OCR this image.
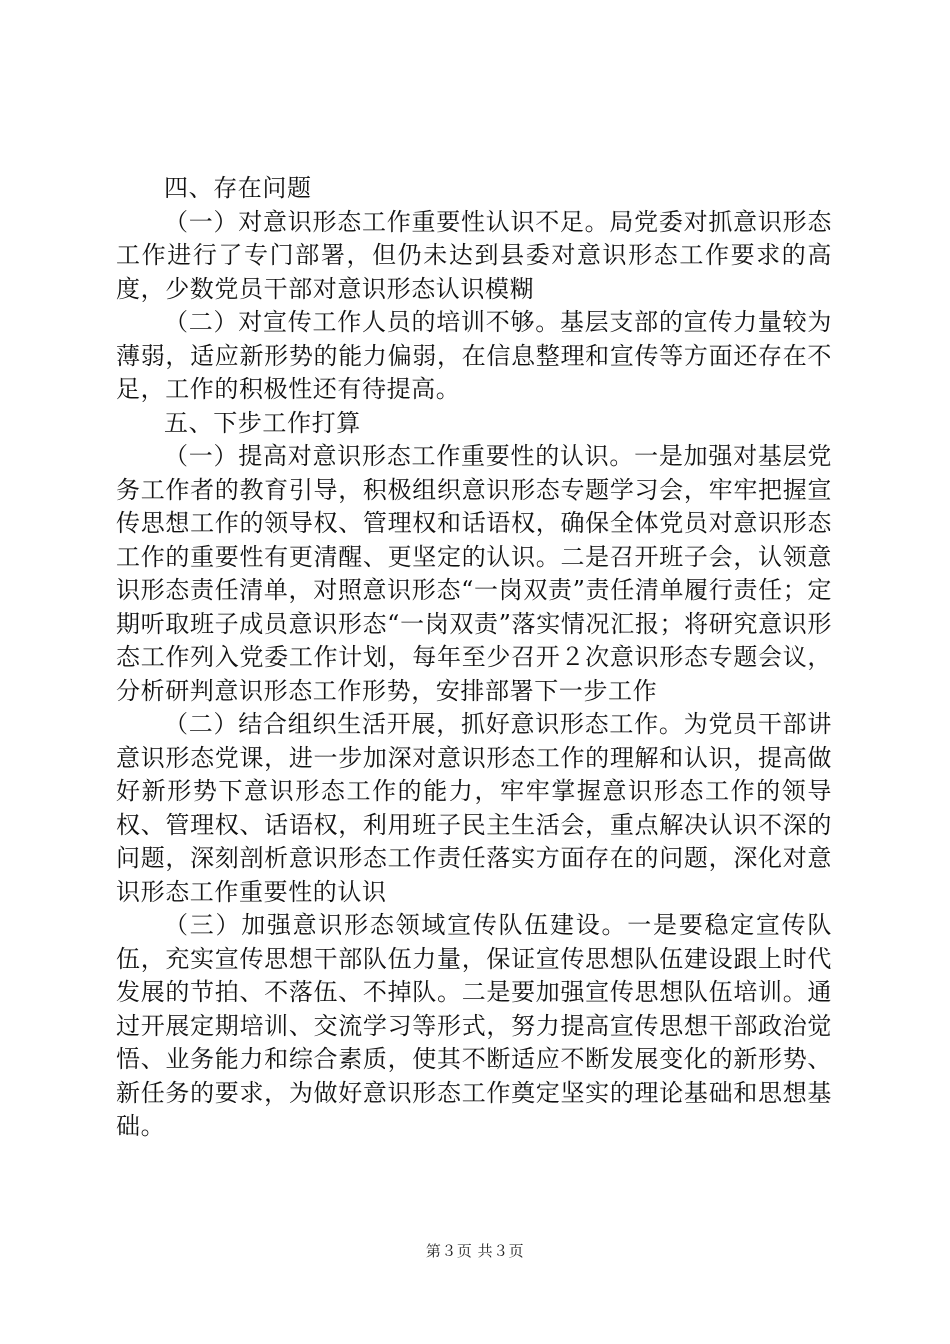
四、存在问题

（一）对意识形态工作重要性认识不足。局党委对抓意识形态工作进行了专门部署，但仍未达到县委对意识形态工作要求的高度，少数党员干部对意识形态认识模糊

（二）对宣传工作人员的培训不够。基层支部的宣传力量较为薄弱，适应新形势的能力偏弱，在信息整理和宣传等方面还存在不足，工作的积极性还有待提高。

五、下步工作打算

（一）提高对意识形态工作重要性的认识。一是加强对基层党务工作者的教育引导，积极组织意识形态专题学习会，牢牢把握宣传思想工作的领导权、管理权和话语权，确保全体党员对意识形态工作的重要性有更清醒、更坚定的认识。二是召开班子会，认领意识形态责任清单，对照意识形态“一岗双责”责任清单履行责任；定期听取班子成员意识形态“一岗双责”落实情况汇报；将研究意识形态工作列入党委工作计划，每年至少召开２次意识形态专题会议，分析研判意识形态工作形势，安排部署下一步工作

（二）结合组织生活开展，抓好意识形态工作。为党员干部讲意识形态党课，进一步加深对意识形态工作的理解和认识，提高做好新形势下意识形态工作的能力，牢牢掌握意识形态工作的领导权、管理权、话语权，利用班子民主生活会，重点解决认识不深的问题，深刻剖析意识形态工作责任落实方面存在的问题，深化对意识形态工作重要性的认识

（三）加强意识形态领域宣传队伍建设。一是要稳定宣传队伍，充实宣传思想干部队伍力量，保证宣传思想队伍建设跟上时代发展的节拍、不落伍、不掉队。二是要加强宣传思想队伍培训。通过开展定期培训、交流学习等形式，努力提高宣传思想干部政治觉悟、业务能力和综合素质，使其不断适应不断发展变化的新形势、新任务的要求，为做好意识形态工作奠定坚实的理论基础和思想基础。

第３页 共３页
